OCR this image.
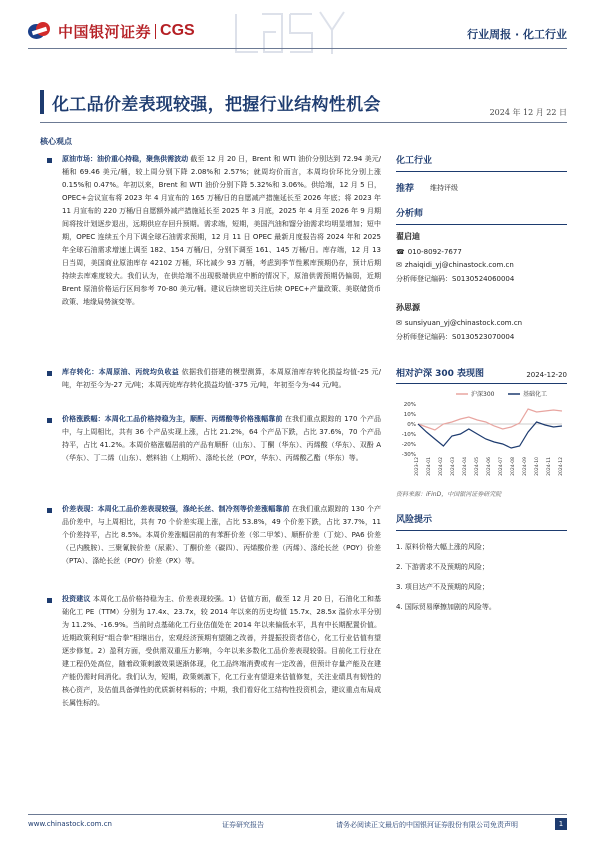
中国银河证券 CGS	行业周报 · 化工行业
化工品价差表现较强，把握行业结构性机会	2024 年 12 月 22 日
核心观点
原油市场：油价重心持稳，聚焦供需波动 截至 12 月 20 日，Brent 和 WTI 油价分别达到 72.94 美元/桶和 69.46 美元/桶，较上周分别下降 2.08%和 2.57%；就周均价而言，本周均价环比分别上涨 0.15%和 0.47%。年初以来，Brent 和 WTI 油价分别下降 5.32%和 3.06%。供给端，12 月 5 日，OPEC+会议宣布将 2023 年 4 月宣布的 165 万桶/日的自愿减产措施延长至 2026 年底；将 2023 年 11 月宣布的 220 万桶/日自愿额外减产措施延长至 2025 年 3 月底，2025 年 4 月至 2026 年 9 月期间将按计划逐步退出，远期供应存回升预期。需求端，短期，美国汽油和馏分油需求均明显增加；短中期，OPEC 连续五个月下调全球石油需求预期，12 月 11 日 OPEC 最新月度报告将 2024 年和 2025 年全球石油需求增速上调至 182、154 万桶/日，分别下调至 161、145 万桶/日。库存端，12 月 13 日当周，美国商业原油库存 42102 万桶，环比减少 93 万桶，考虑到季节性累库预期仍存，预计后期持续去库难度较大。我们认为，在供给端不出现极端供应中断的情况下，原油供需预期仍偏弱，近期 Brent 原油价格运行区间参考 70-80 美元/桶。建议后续密切关注后续 OPEC+产量政策、美联储货币政策、地缘局势演变等。
库存转化：本周原油、丙烷均负收益 依据我们搭建的模型测算，本周原油库存转化损益均值-25 元/吨，年初至今为-27 元/吨；本周丙烷库存转化损益均值-375 元/吨，年初至今为-44 元/吨。
价格涨跌幅：本周化工品价格持稳为主，顺酐、丙烯酸等价格涨幅靠前 在我们重点跟踪的 170 个产品中，与上周相比，共有 36 个产品实现上涨，占比 21.2%，64 个产品下跌，占比 37.6%，70 个产品持平，占比 41.2%。本周价格涨幅居前的产品有顺酐（山东）、丁酮（华东）、丙烯酸（华东）、双酚 A（华东）、丁二烯（山东）、燃料油（上期所）、涤纶长丝（POY，华东）、丙烯酸乙酯（华东）等。
价差表现：本周化工品价差表现较强，涤纶长丝、制冷剂等价差涨幅靠前 在我们重点跟踪的 130 个产品价差中，与上周相比，共有 70 个价差实现上涨，占比 53.8%，49 个价差下跌，占比 37.7%，11 个价差持平，占比 8.5%。本周价差涨幅居前的有苯酐价差（邻二甲苯）、顺酐价差（丁烷）、PA6 价差（己内酰胺）、三聚氰胺价差（尿素）、丁酮价差（碳四）、丙烯酸价差（丙烯）、涤纶长丝（POY）价差（PTA）、涤纶长丝（POY）价差（PX）等。
投资建议 本周化工品价格持稳为主、价差表现较强。1）估值方面，截至 12 月 20 日，石油化工和基础化工 PE（TTM）分别为 17.4x、23.7x，较 2014 年以来的历史均值 15.7x、28.5x 溢价水平分别为 11.2%、-16.9%。当前时点基础化工行业估值处在 2014 年以来偏低水平，具有中长期配置价值。近期政策利好“组合拳”相继出台，宏观经济预期有望随之改善，并提振投资者信心，化工行业估值有望逐步修复。2）盈利方面，受供需双重压力影响，今年以来多数化工品价差表现较弱。目前化工行业在建工程仍处高位，随着政策刺激效果逐渐体现，化工品终端消费或有一定改善，但预计存量产能及在建产能仍需时间消化。我们认为，短期，政策刺激下，化工行业有望迎来估值修复，关注业绩具有韧性的核心资产，及估值具备弹性的优质新材料标的；中期，我们看好化工结构性投资机会，建议重点布局成长属性标的。
化工行业
推荐 维持评级
分析师
翟启迪
☎ 010-8092-7677
✉ zhaiqidi_yj@chinastock.com.cn
分析师登记编码：S0130524060004
孙思源
✉ sunsiyuan_yj@chinastock.com.cn
分析师登记编码：S0130523070004
相对沪深 300 表现图	2024-12-20
沪深300	基础化工
20%
10%
0%
-10%
-20%
-30%
2023-12 2024-01 2024-02 2024-03 2024-04 2024-05 2024-06 2024-07 2024-08 2024-09 2024-10 2024-11 2024-12
资料来源：iFinD，中国银河证券研究院
风险提示
1. 原料价格大幅上涨的风险；
2. 下游需求不及预期的风险；
3. 项目达产不及预期的风险；
4. 国际贸易摩擦加剧的风险等。
www.chinastock.com.cn	证券研究报告	请务必阅读正文最后的中国银河证券股份有限公司免责声明	1
